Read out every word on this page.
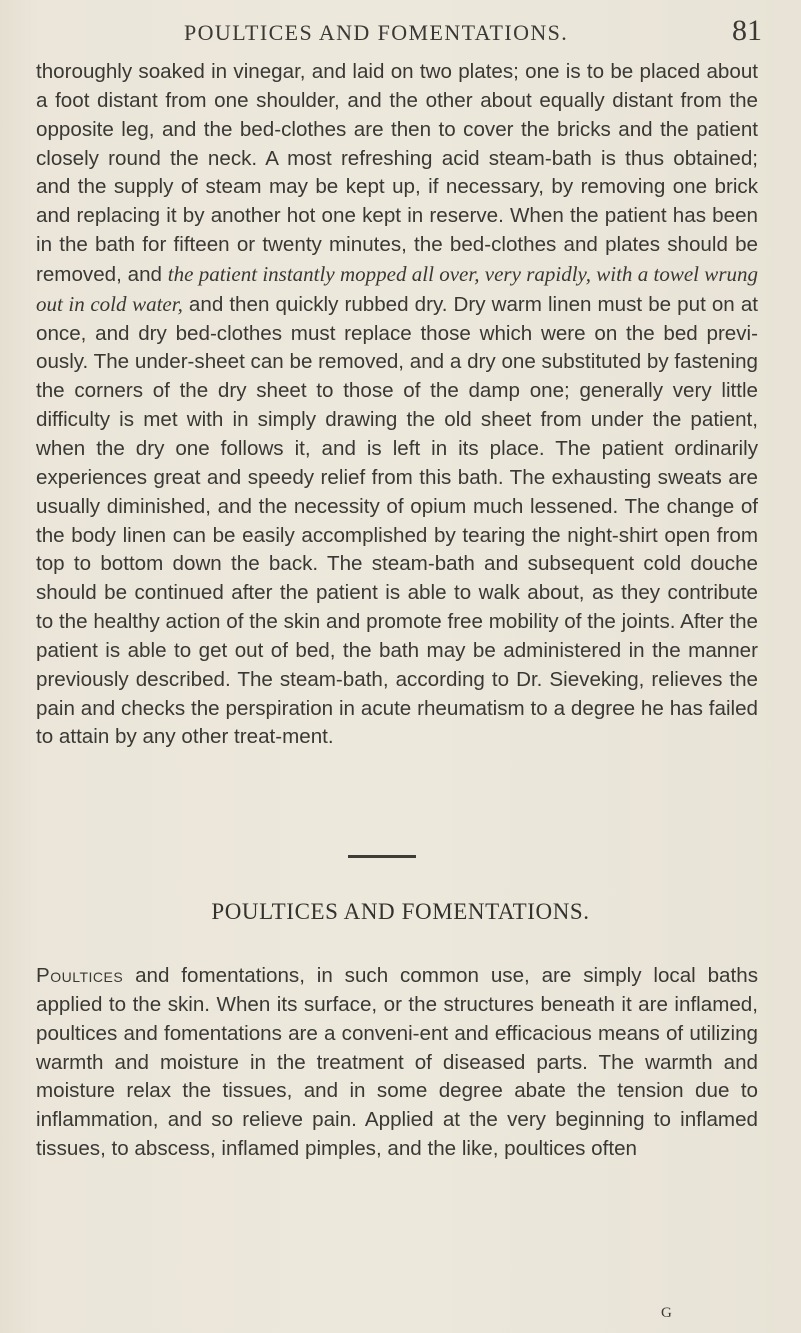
POULTICES AND FOMENTATIONS.	81

thoroughly soaked in vinegar, and laid on two plates; one is to be placed about a foot distant from one shoulder, and the other about equally distant from the opposite leg, and the bed-clothes are then to cover the bricks and the patient closely round the neck. A most refreshing acid steam-bath is thus obtained; and the supply of steam may be kept up, if necessary, by removing one brick and replacing it by another hot one kept in reserve. When the patient has been in the bath for fifteen or twenty minutes, the bed-clothes and plates should be removed, and the patient instantly mopped all over, very rapidly, with a towel wrung out in cold water, and then quickly rubbed dry. Dry warm linen must be put on at once, and dry bed-clothes must replace those which were on the bed previ-ously. The under-sheet can be removed, and a dry one substituted by fastening the corners of the dry sheet to those of the damp one; generally very little difficulty is met with in simply drawing the old sheet from under the patient, when the dry one follows it, and is left in its place. The patient ordinarily experiences great and speedy relief from this bath. The exhausting sweats are usually diminished, and the necessity of opium much lessened. The change of the body linen can be easily accomplished by tearing the night-shirt open from top to bottom down the back. The steam-bath and subsequent cold douche should be continued after the patient is able to walk about, as they contribute to the healthy action of the skin and promote free mobility of the joints. After the patient is able to get out of bed, the bath may be administered in the manner previously described. The steam-bath, according to Dr. Sieveking, relieves the pain and checks the perspiration in acute rheumatism to a degree he has failed to attain by any other treat-ment.

POULTICES AND FOMENTATIONS.

Poultices and fomentations, in such common use, are simply local baths applied to the skin. When its surface, or the structures beneath it are inflamed, poultices and fomentations are a conveni-ent and efficacious means of utilizing warmth and moisture in the treatment of diseased parts. The warmth and moisture relax the tissues, and in some degree abate the tension due to inflammation, and so relieve pain. Applied at the very beginning to inflamed tissues, to abscess, inflamed pimples, and the like, poultices often

G
